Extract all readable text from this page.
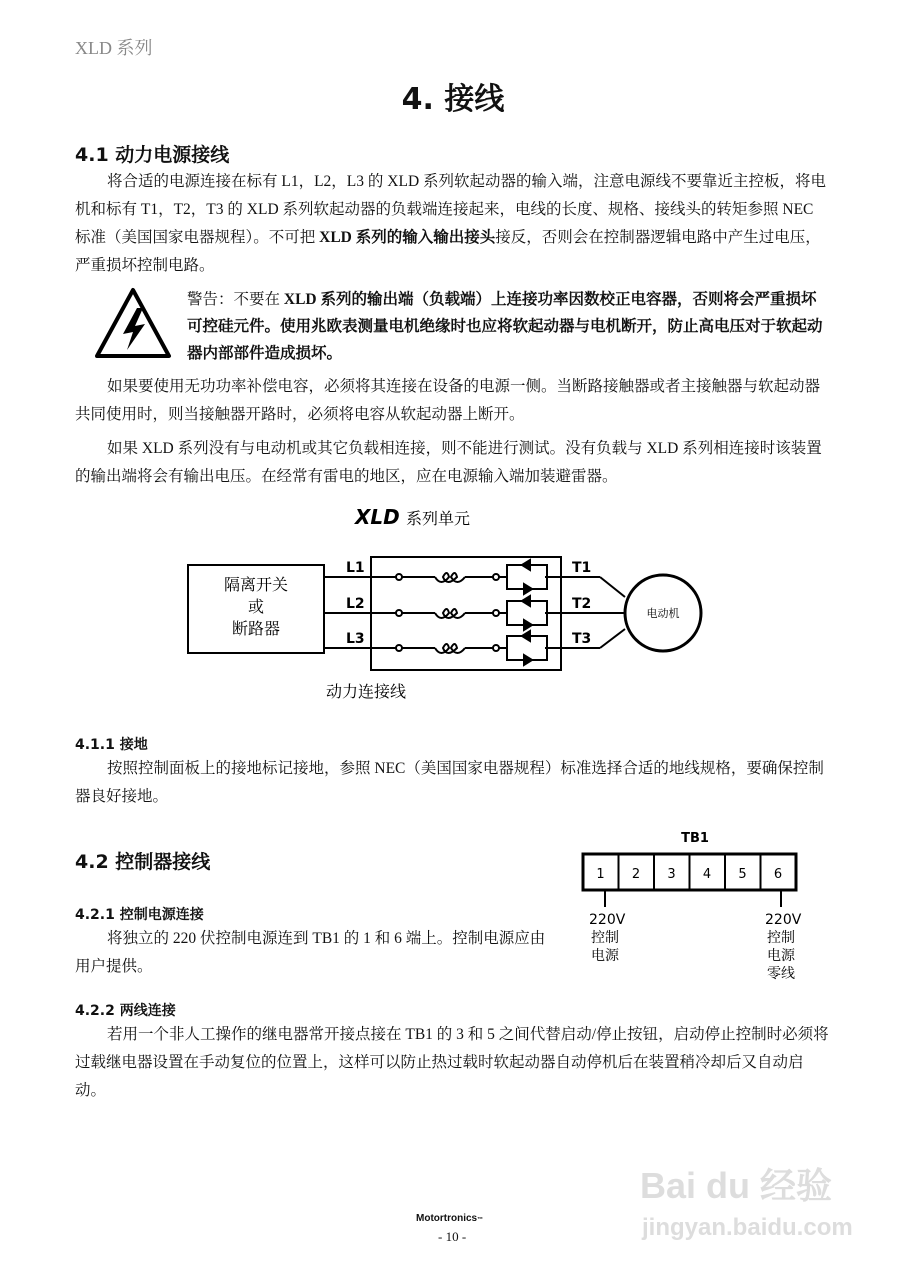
XLD 系列
4. 接线
4.1 动力电源接线

将合适的电源连接在标有 L1，L2，L3 的 XLD 系列软起动器的输入端，注意电源线不要靠近主控板，将电机和标有 T1，T2，T3 的 XLD 系列软起动器的负载端连接起来，电线的长度、规格、接线头的转矩参照 NEC 标准（美国国家电器规程）。不可把 XLD 系列的输入输出接头接反，否则会在控制器逻辑电路中产生过电压，严重损坏控制电路。

警告：不要在 XLD 系列的输出端（负载端）上连接功率因数校正电容器，否则将会严重损坏可控硅元件。使用兆欧表测量电机绝缘时也应将软起动器与电机断开，防止高电压对于软起动器内部部件造成损坏。

如果要使用无功功率补偿电容，必须将其连接在设备的电源一侧。当断路接触器或者主接触器与软起动器共同使用时，则当接触器开路时，必须将电容从软起动器上断开。

如果 XLD 系列没有与电动机或其它负载相连接，则不能进行测试。没有负载与 XLD 系列相连接时该装置的输出端将会有输出电压。在经常有雷电的地区，应在电源输入端加装避雷器。

XLD 系列单元
隔离开关
或
断路器
L1
L2
L3
T1
T2
T3
电动机
动力连接线
4.1.1 接地

按照控制面板上的接地标记接地，参照 NEC（美国国家电器规程）标准选择合适的地线规格，要确保控制器良好接地。

TB1
1 2 3 4 5 6
220V
控制
电源
220V
控制
电源
零线
4.2 控制器接线
4.2.1 控制电源连接

将独立的 220 伏控制电源连到 TB1 的 1 和 6 端上。控制电源应由用户提供。

4.2.2 两线连接

若用一个非人工操作的继电器常开接点接在 TB1 的 3 和 5 之间代替启动/停止按钮，启动停止控制时必须将过载继电器设置在手动复位的位置上，这样可以防止热过载时软起动器自动停机后在装置稍冷却后又自动启动。

Motortronics™
- 10 -
Bai du 经验
jingyan.baidu.com
